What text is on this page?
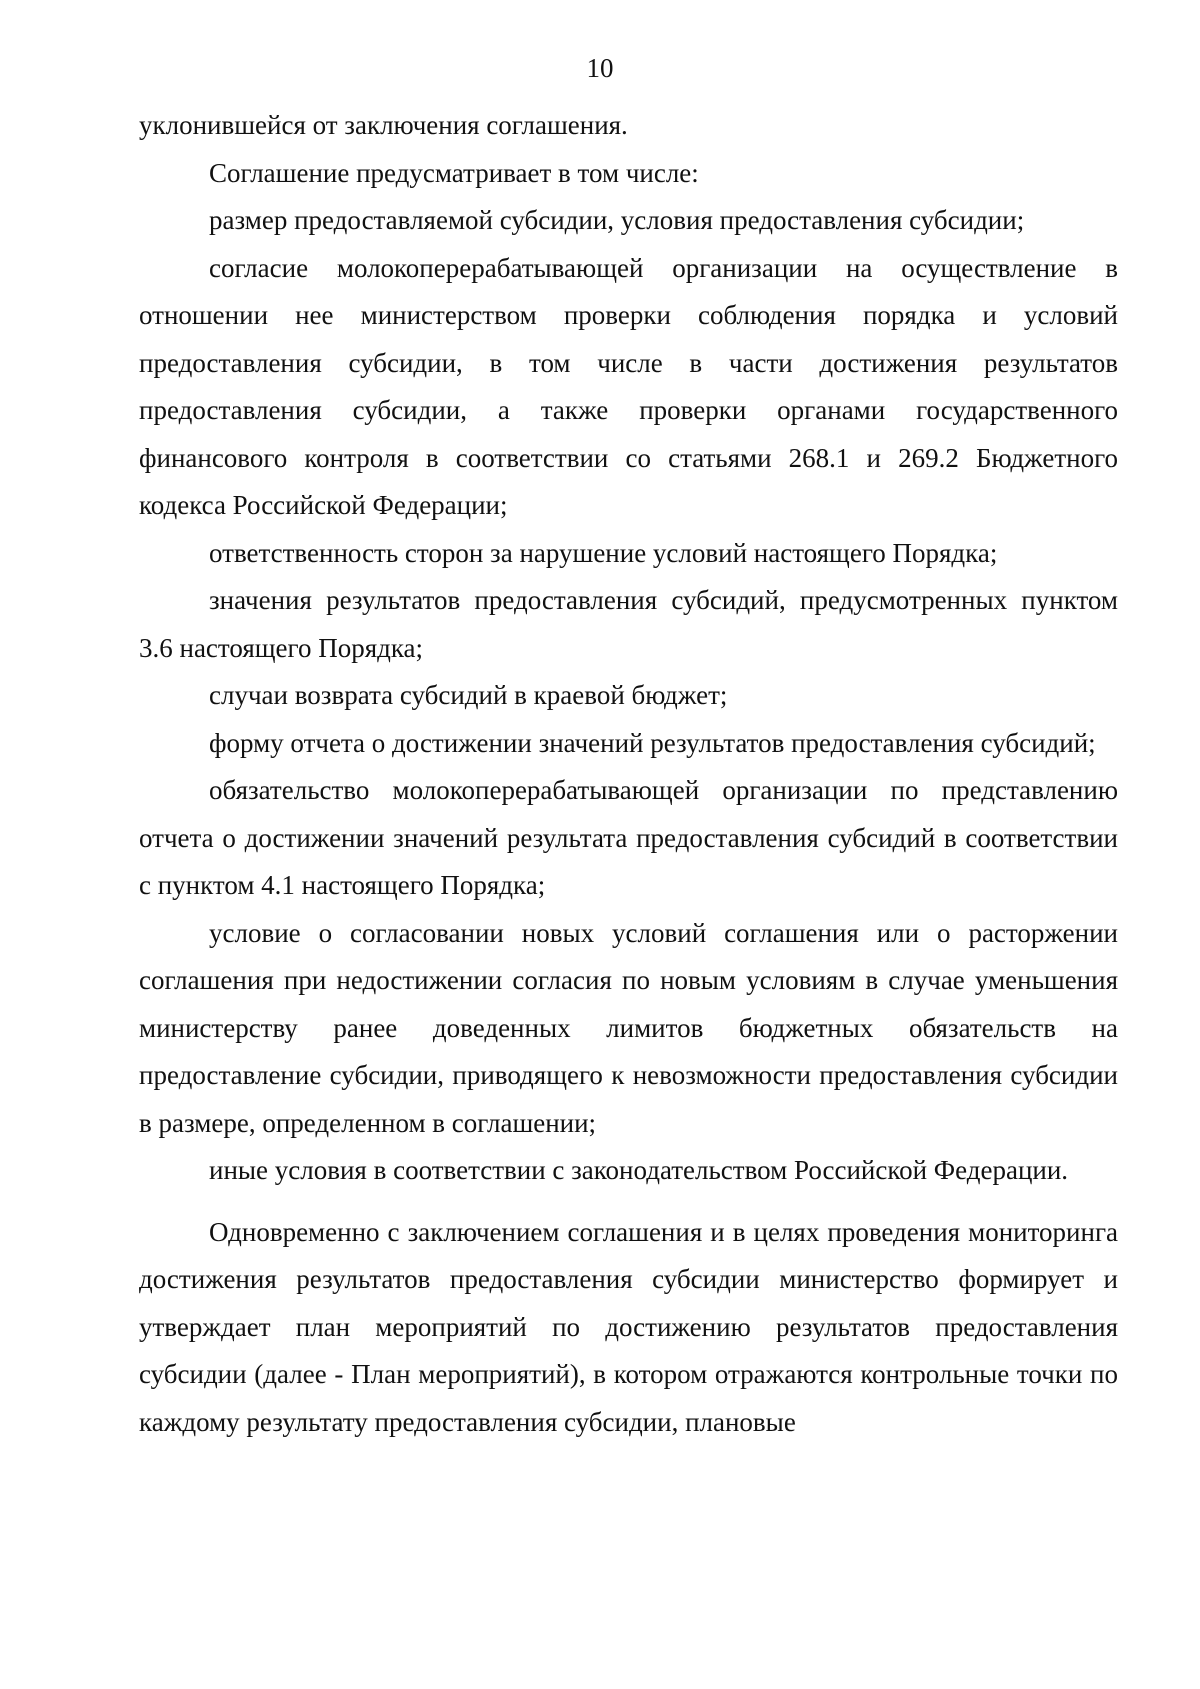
10

уклонившейся от заключения соглашения.

Соглашение предусматривает в том числе:

размер предоставляемой субсидии, условия предоставления субсидии;

согласие молокоперерабатывающей организации на осуществление в отношении нее министерством проверки соблюдения порядка и условий предоставления субсидии, в том числе в части достижения результатов предоставления субсидии, а также проверки органами государственного финансового контроля в соответствии со статьями 268.1 и 269.2 Бюджетного кодекса Российской Федерации;

ответственность сторон за нарушение условий настоящего Порядка;

значения результатов предоставления субсидий, предусмотренных пунктом 3.6 настоящего Порядка;

случаи возврата субсидий в краевой бюджет;

форму отчета о достижении значений результатов предоставления субсидий;

обязательство молокоперерабатывающей организации по представлению отчета о достижении значений результата предоставления субсидий в соответствии с пунктом 4.1 настоящего Порядка;

условие о согласовании новых условий соглашения или о расторжении соглашения при недостижении согласия по новым условиям в случае уменьшения министерству ранее доведенных лимитов бюджетных обязательств на предоставление субсидии, приводящего к невозможности предоставления субсидии в размере, определенном в соглашении;

иные условия в соответствии с законодательством Российской Федерации.

Одновременно с заключением соглашения и в целях проведения мониторинга достижения результатов предоставления субсидии министерство формирует и утверждает план мероприятий по достижению результатов предоставления субсидии (далее - План мероприятий), в котором отражаются контрольные точки по каждому результату предоставления субсидии, плановые
